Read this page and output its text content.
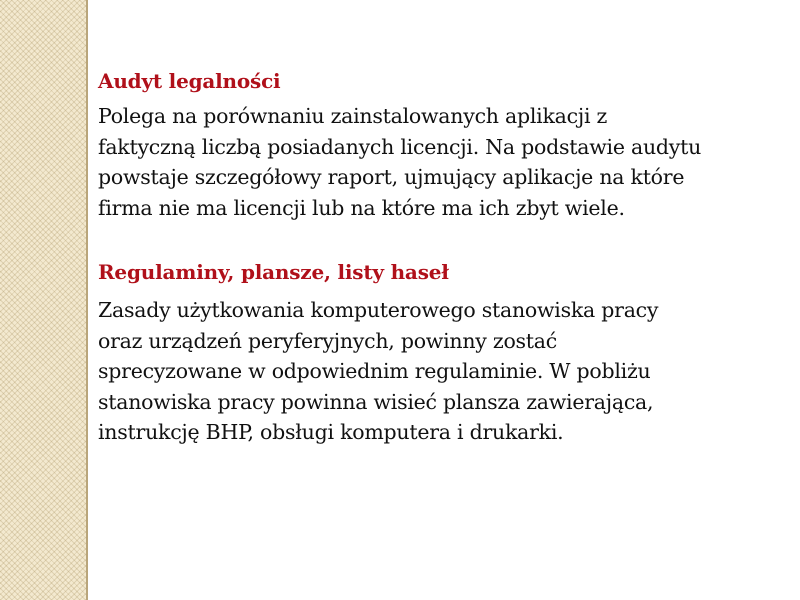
Audyt legalności
Polega na porównaniu zainstalowanych aplikacji z
faktyczną liczbą posiadanych licencji. Na podstawie audytu
powstaje szczegółowy raport, ujmujący aplikacje na które
firma nie ma licencji lub na które ma ich zbyt wiele.
Regulaminy, plansze, listy haseł
Zasady użytkowania komputerowego stanowiska pracy
oraz urządzeń peryferyjnych, powinny zostać
sprecyzowane w odpowiednim regulaminie. W pobliżu
stanowiska pracy powinna wisieć plansza zawierająca,
instrukcję BHP, obsługi komputera i drukarki.
